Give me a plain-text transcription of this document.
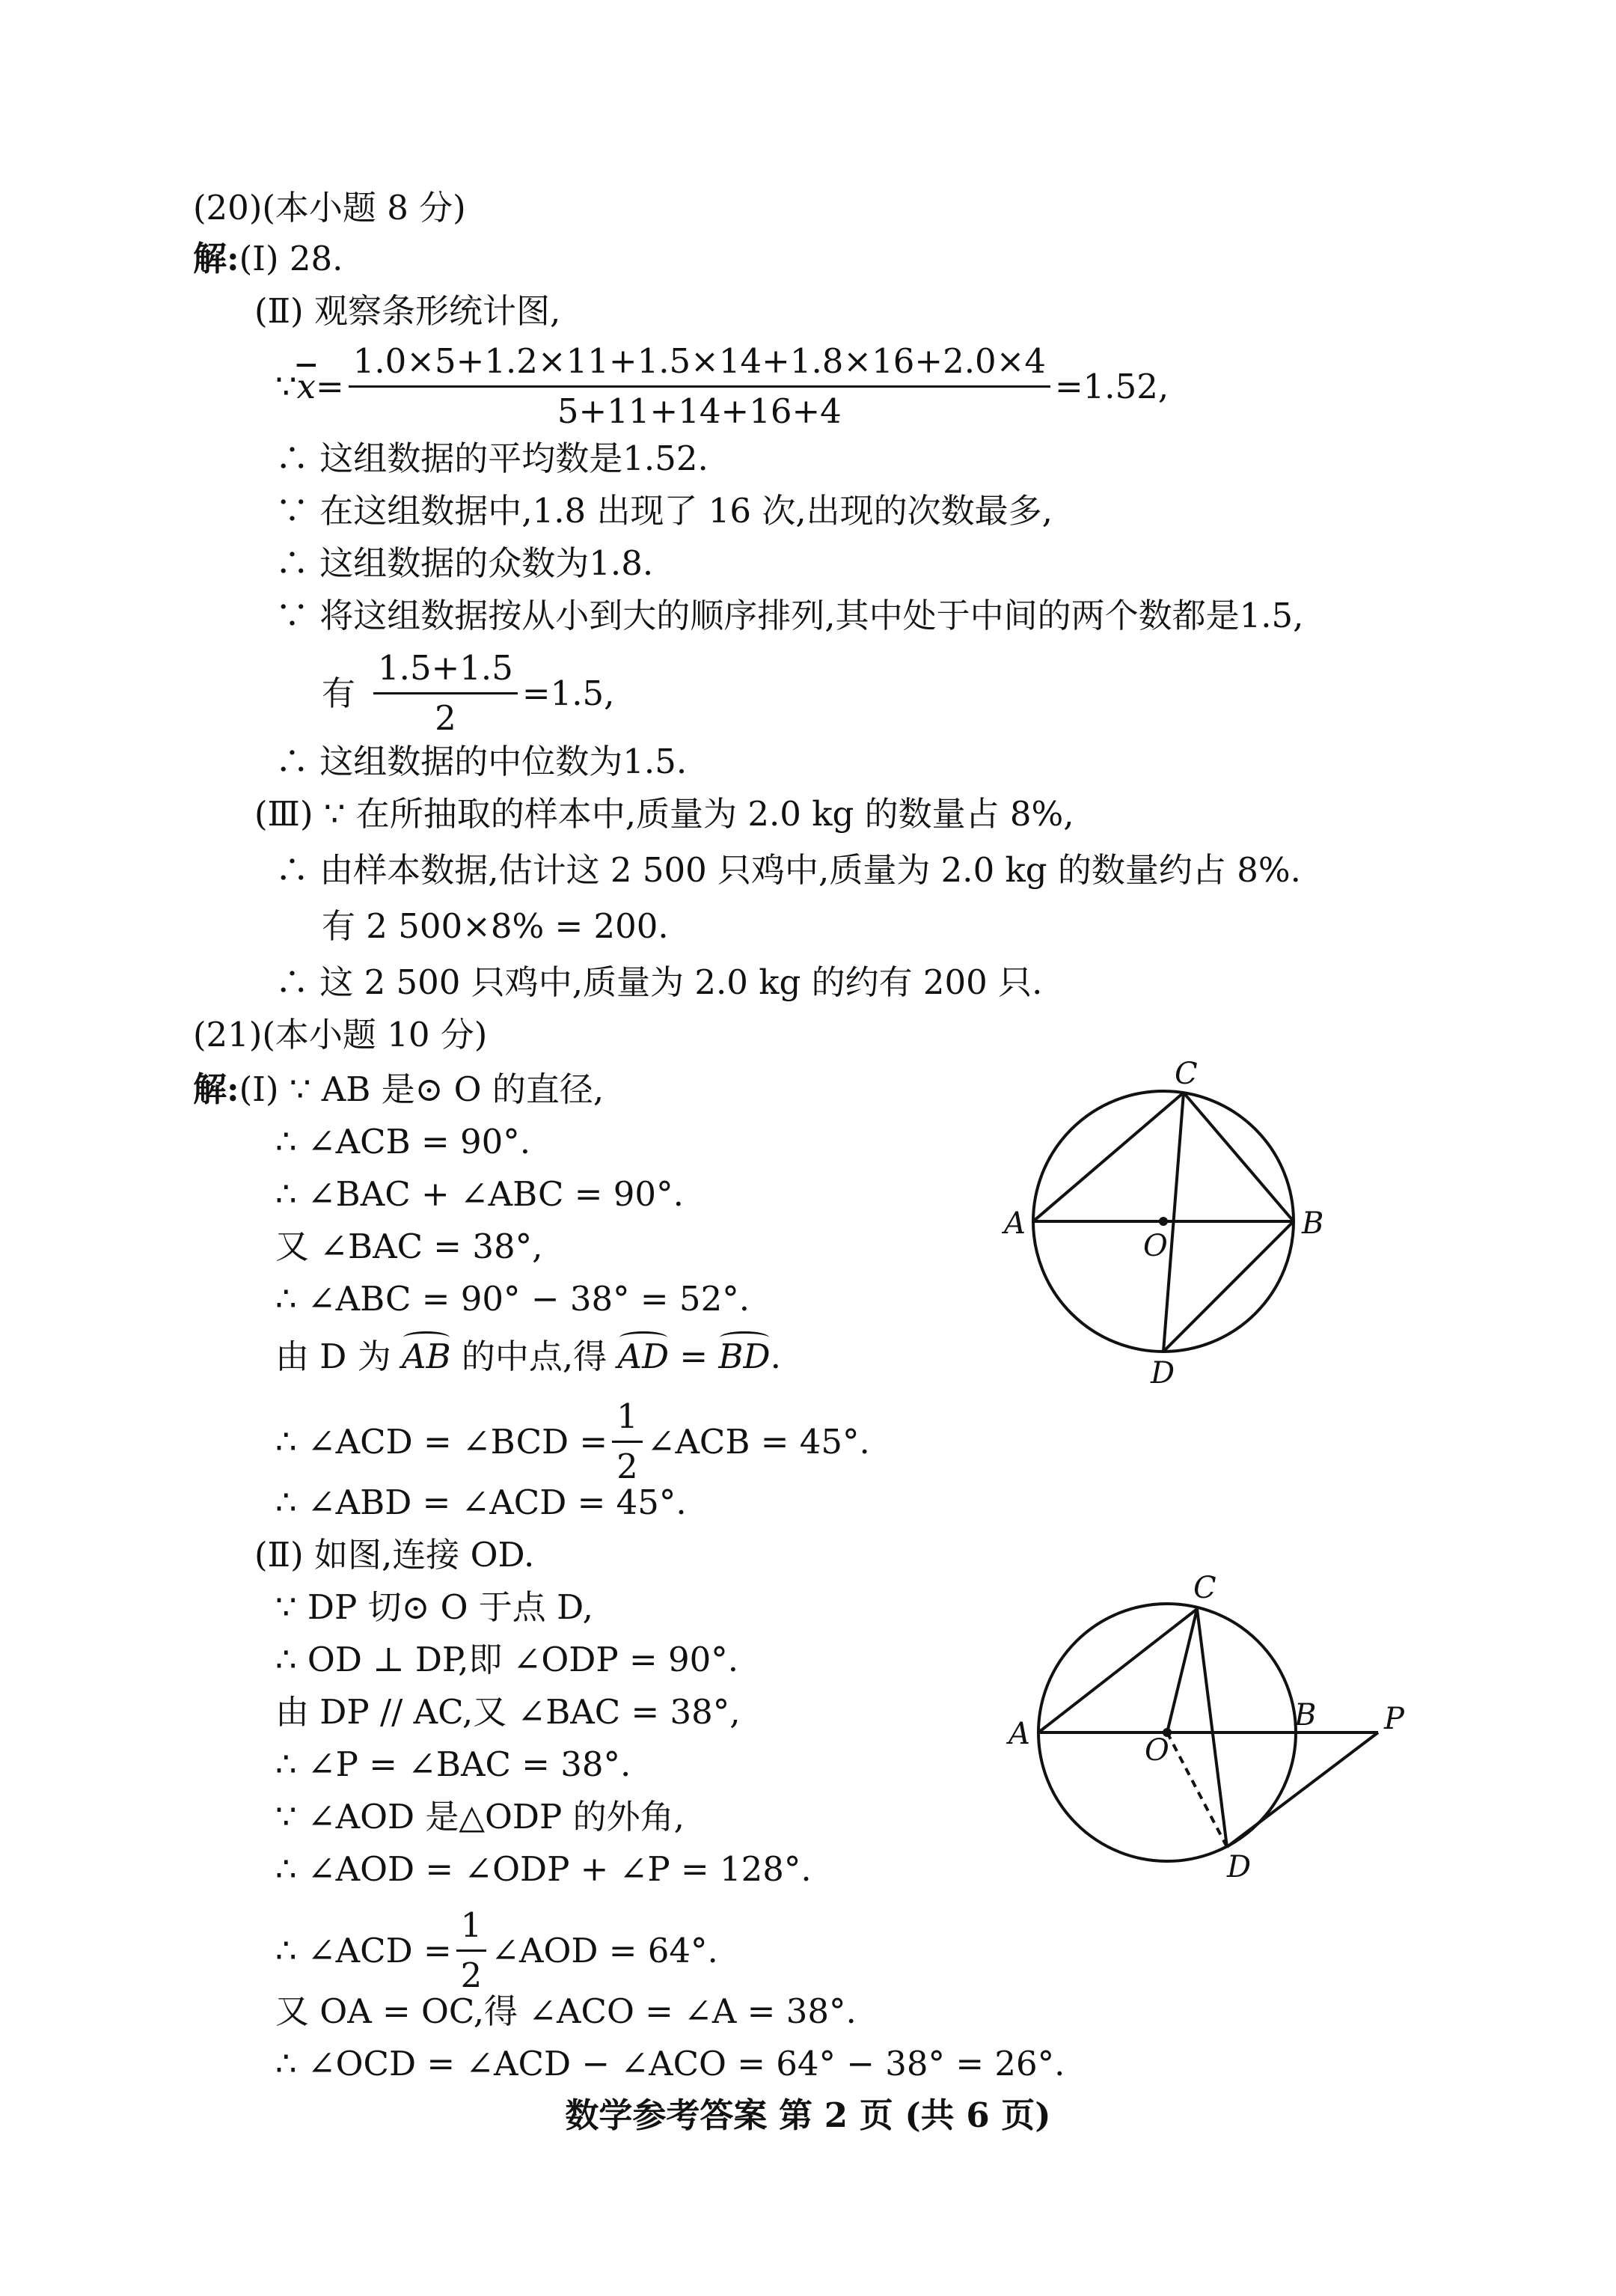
(20)(本小题 8 分)
解:(Ⅰ) 28.
(Ⅱ) 观察条形统计图,
∵ $\overline{x} = \frac{1.0\times 5+1.2\times 11+1.5\times 14+1.8\times 16+2.0\times 4}{5+11+14+16+4} =1.52$,
∴ 这组数据的平均数是1.52.
∵ 在这组数据中,1.8 出现了 16 次,出现的次数最多,
∴ 这组数据的众数为1.8.
∵ 将这组数据按从小到大的顺序排列,其中处于中间的两个数都是1.5,
有 $\frac{1.5+1.5}{2} =1.5$,
∴ 这组数据的中位数为1.5.
(Ⅲ) ∵ 在所抽取的样本中,质量为 2.0 kg 的数量占 8%,
∴ 由样本数据,估计这 2 500 只鸡中,质量为 2.0 kg 的数量约占 8%.
有 2 500×8% = 200.
∴ 这 2 500 只鸡中,质量为 2.0 kg 的约有 200 只.
(21)(本小题 10 分)
解:(Ⅰ) ∵ AB 是⊙ O 的直径,
∴ ∠ACB = 90°.
∴ ∠BAC + ∠ABC = 90°.
又 ∠BAC = 38°,
∴ ∠ABC = 90° − 38° = 52°.
由 D 为 AB 的中点,得 AD = BD.
∴ ∠ACD = ∠BCD = $\frac{1}{2}$ ∠ACB = 45°.
∴ ∠ABD = ∠ACD = 45°.
(Ⅱ) 如图,连接 OD.
∵ DP 切⊙ O 于点 D,
∴ OD ⊥ DP,即 ∠ODP = 90°.
由 DP // AC,又 ∠BAC = 38°,
∴ ∠P = ∠BAC = 38°.
∵ ∠AOD 是△ODP 的外角,
∴ ∠AOD = ∠ODP + ∠P = 128°.
∴ ∠ACD = $\frac{1}{2}$ ∠AOD = 64°.
又 OA = OC,得 ∠ACO = ∠A = 38°.
∴ ∠OCD = ∠ACD − ∠ACO = 64° − 38° = 26°.
A	B
C
D
O
A
B
C
D
O
P
数学参考答案 第 2 页 (共 6 页)
